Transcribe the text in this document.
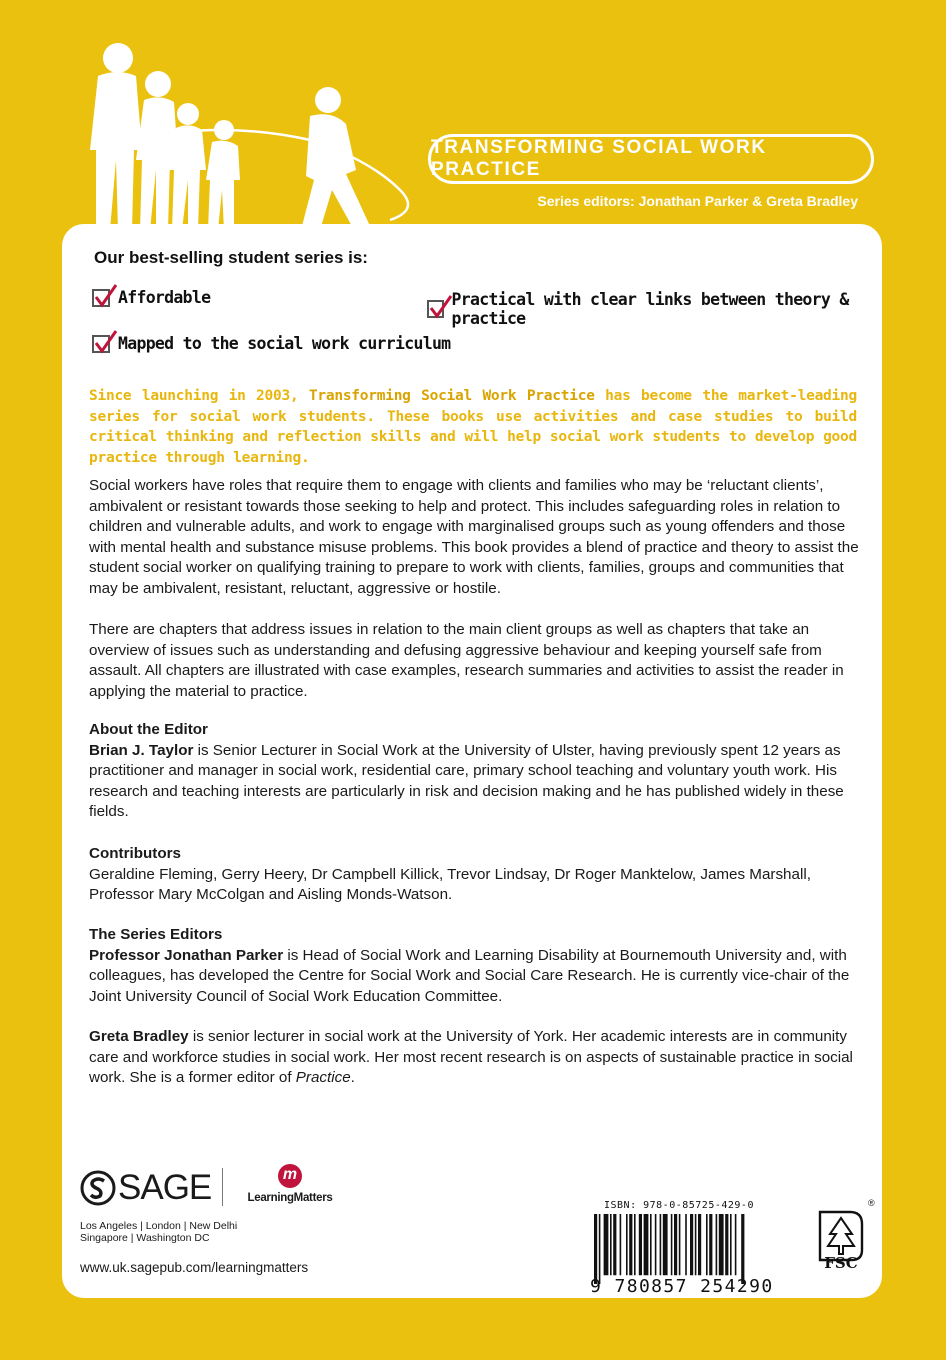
TRANSFORMING SOCIAL WORK PRACTICE
Series editors: Jonathan Parker & Greta Bradley
Our best-selling student series is:
Affordable
Mapped to the social work curriculum
Practical with clear links between theory & practice
Since launching in 2003, Transforming Social Work Practice has become the market-leading series for social work students. These books use activities and case studies to build critical thinking and reflection skills and will help social work students to develop good practice through learning.

Social workers have roles that require them to engage with clients and families who may be ‘reluctant clients’, ambivalent or resistant towards those seeking to help and protect. This includes safeguarding roles in relation to children and vulnerable adults, and work to engage with marginalised groups such as young offenders and those with mental health and substance misuse problems. This book provides a blend of practice and theory to assist the student social worker on qualifying training to prepare to work with clients, families, groups and communities that may be ambivalent, resistant, reluctant, aggressive or hostile.

There are chapters that address issues in relation to the main client groups as well as chapters that take an overview of issues such as understanding and defusing aggressive behaviour and keeping yourself safe from assault. All chapters are illustrated with case examples, research summaries and activities to assist the reader in applying the material to practice.

About the Editor

Brian J. Taylor is Senior Lecturer in Social Work at the University of Ulster, having previously spent 12 years as practitioner and manager in social work, residential care, primary school teaching and voluntary youth work. His research and teaching interests are particularly in risk and decision making and he has published widely in these fields.

Contributors

Geraldine Fleming, Gerry Heery, Dr Campbell Killick, Trevor Lindsay, Dr Roger Manktelow, James Marshall, Professor Mary McColgan and Aisling Monds-Watson.

The Series Editors

Professor Jonathan Parker is Head of Social Work and Learning Disability at Bournemouth University and, with colleagues, has developed the Centre for Social Work and Social Care Research. He is currently vice-chair of the Joint University Council of Social Work Education Committee.

Greta Bradley is senior lecturer in social work at the University of York. Her academic interests are in community care and workforce studies in social work. Her most recent research is on aspects of sustainable practice in social work. She is a former editor of Practice.

SAGE	m
LearningMatters
Los Angeles | London | New Delhi
Singapore | Washington DC
www.uk.sagepub.com/learningmatters
ISBN: 978-0-85725-429-0
9 780857 254290
®
FSC
